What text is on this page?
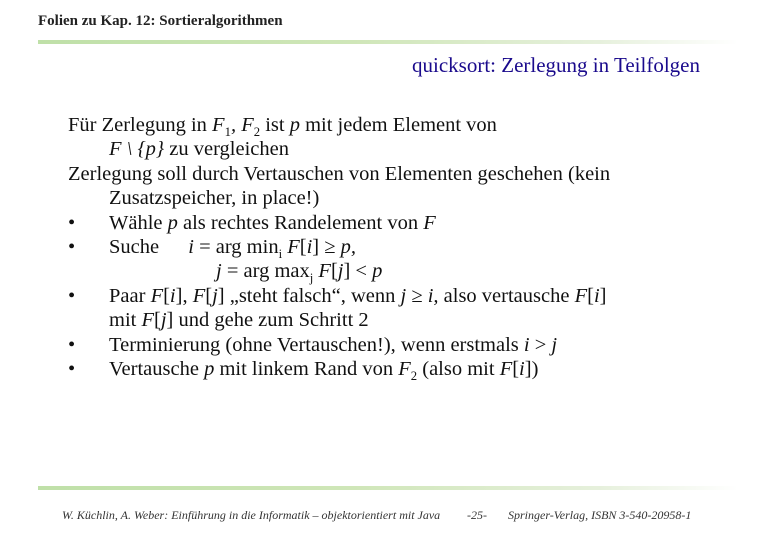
Folien zu Kap. 12: Sortieralgorithmen
quicksort: Zerlegung in Teilfolgen
Für Zerlegung in $F_1$, $F_2$ ist p mit jedem Element von
F \ {p} zu vergleichen
Zerlegung soll durch Vertauschen von Elementen geschehen (kein
Zusatzspeicher, in place!)
• Wähle p als rechtes Randelement von F
• Suche i = arg $\min_i F[i] \ge p$,
j = arg $\max_j F[j] < p$
• Paar F[i], F[j] „steht falsch“, wenn j ≥ i, also vertausche F[i]
mit F[j] und gehe zum Schritt 2
• Terminierung (ohne Vertauschen!), wenn erstmals i > j
• Vertausche p mit linkem Rand von $F_2$ (also mit F[i])
W. Küchlin, A. Weber: Einführung in die Informatik – objektorientiert mit Java -25- Springer-Verlag, ISBN 3-540-20958-1
